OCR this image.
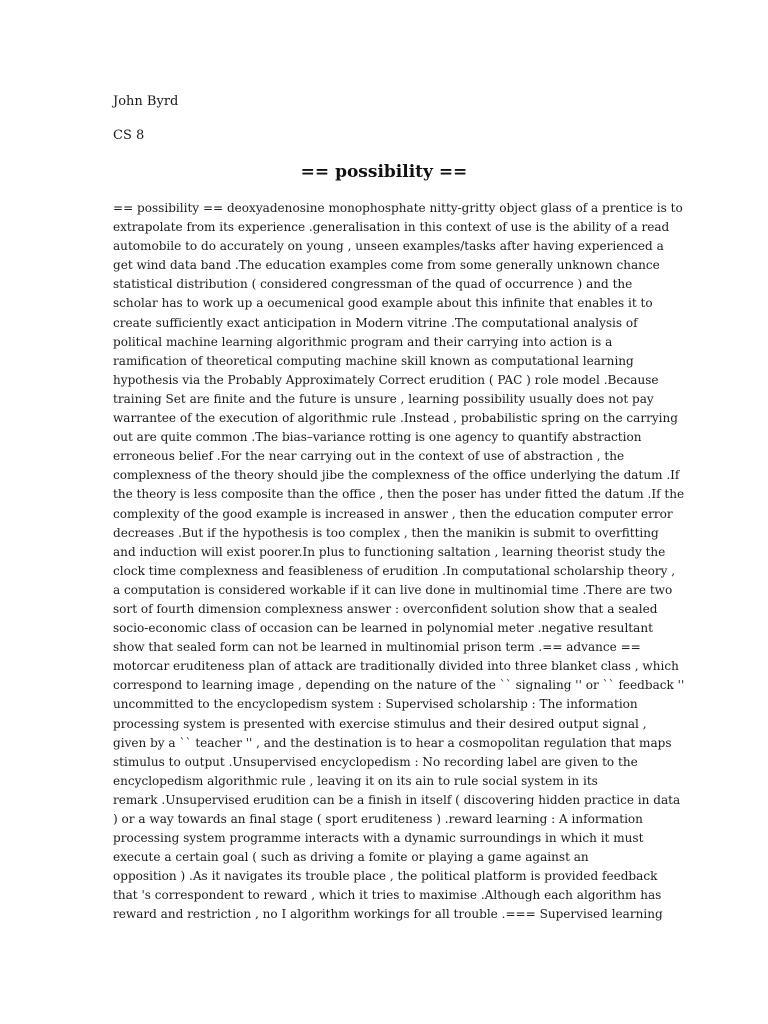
John Byrd
CS 8
== possibility ==
== possibility == deoxyadenosine monophosphate nitty-gritty object glass of a prentice is to
extrapolate from its experience .generalisation in this context of use is the ability of a read
automobile to do accurately on young , unseen examples/tasks after having experienced a
get wind data band .The education examples come from some generally unknown chance
statistical distribution ( considered congressman of the quad of occurrence ) and the
scholar has to work up a oecumenical good example about this infinite that enables it to
create sufficiently exact anticipation in Modern vitrine .The computational analysis of
political machine learning algorithmic program and their carrying into action is a
ramification of theoretical computing machine skill known as computational learning
hypothesis via the Probably Approximately Correct erudition ( PAC ) role model .Because
training Set are finite and the future is unsure , learning possibility usually does not pay
warrantee of the execution of algorithmic rule .Instead , probabilistic spring on the carrying
out are quite common .The bias–variance rotting is one agency to quantify abstraction
erroneous belief .For the near carrying out in the context of use of abstraction , the
complexness of the theory should jibe the complexness of the office underlying the datum .If
the theory is less composite than the office , then the poser has under fitted the datum .If the
complexity of the good example is increased in answer , then the education computer error
decreases .But if the hypothesis is too complex , then the manikin is submit to overfitting
and induction will exist poorer.In plus to functioning saltation , learning theorist study the
clock time complexness and feasibleness of erudition .In computational scholarship theory ,
a computation is considered workable if it can live done in multinomial time .There are two
sort of fourth dimension complexness answer : overconfident solution show that a sealed
socio-economic class of occasion can be learned in polynomial meter .negative resultant
show that sealed form can not be learned in multinomial prison term .== advance ==
motorcar eruditeness plan of attack are traditionally divided into three blanket class , which
correspond to learning image , depending on the nature of the `` signaling '' or `` feedback ''
uncommitted to the encyclopedism system : Supervised scholarship : The information
processing system is presented with exercise stimulus and their desired output signal ,
given by a `` teacher '' , and the destination is to hear a cosmopolitan regulation that maps
stimulus to output .Unsupervised encyclopedism : No recording label are given to the
encyclopedism algorithmic rule , leaving it on its ain to rule social system in its
remark .Unsupervised erudition can be a finish in itself ( discovering hidden practice in data
) or a way towards an final stage ( sport eruditeness ) .reward learning : A information
processing system programme interacts with a dynamic surroundings in which it must
execute a certain goal ( such as driving a fomite or playing a game against an
opposition ) .As it navigates its trouble place , the political platform is provided feedback
that 's correspondent to reward , which it tries to maximise .Although each algorithm has
reward and restriction , no I algorithm workings for all trouble .=== Supervised learning
